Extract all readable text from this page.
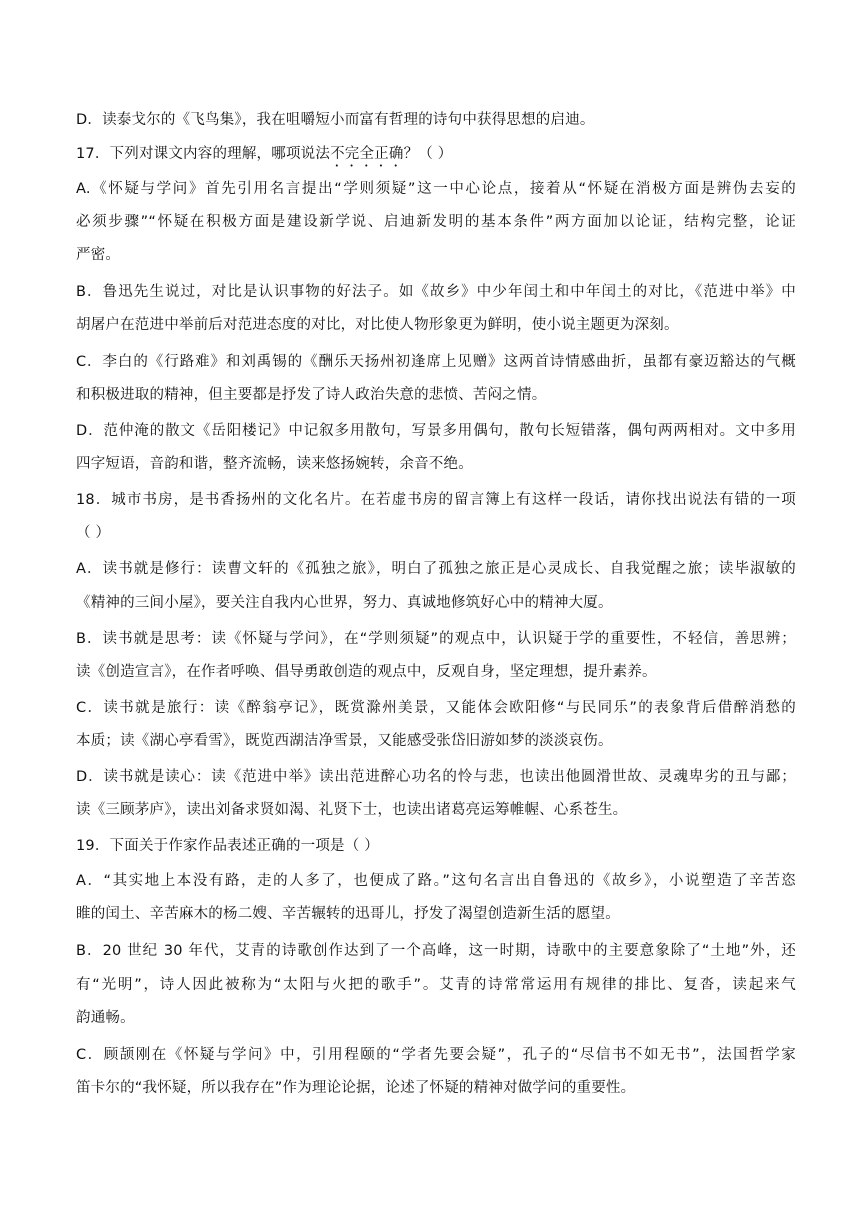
D．读泰戈尔的《飞鸟集》，我在咀嚼短小而富有哲理的诗句中获得思想的启迪。
17．下列对课文内容的理解，哪项说法不完全正确？（ ）
A.《怀疑与学问》首先引用名言提出“学则须疑”这一中心论点，接着从“怀疑在消极方面是辨伪去妄的
必须步骤”“怀疑在积极方面是建设新学说、启迪新发明的基本条件”两方面加以论证，结构完整，论证
严密。
B．鲁迅先生说过，对比是认识事物的好法子。如《故乡》中少年闰土和中年闰土的对比，《范进中举》中
胡屠户在范进中举前后对范进态度的对比，对比使人物形象更为鲜明，使小说主题更为深刻。
C．李白的《行路难》和刘禹锡的《酬乐天扬州初逢席上见赠》这两首诗情感曲折，虽都有豪迈豁达的气概
和积极进取的精神，但主要都是抒发了诗人政治失意的悲愤、苦闷之情。
D．范仲淹的散文《岳阳楼记》中记叙多用散句，写景多用偶句，散句长短错落，偶句两两相对。文中多用
四字短语，音韵和谐，整齐流畅，读来悠扬婉转，余音不绝。
18．城市书房，是书香扬州的文化名片。在若虚书房的留言簿上有这样一段话，请你找出说法有错的一项
（ ）
A．读书就是修行：读曹文轩的《孤独之旅》，明白了孤独之旅正是心灵成长、自我觉醒之旅；读毕淑敏的
《精神的三间小屋》，要关注自我内心世界，努力、真诚地修筑好心中的精神大厦。
B．读书就是思考：读《怀疑与学问》，在“学则须疑”的观点中，认识疑于学的重要性，不轻信，善思辨；
读《创造宣言》，在作者呼唤、倡导勇敢创造的观点中，反观自身，坚定理想，提升素养。
C．读书就是旅行：读《醉翁亭记》，既赏滁州美景，又能体会欧阳修“与民同乐”的表象背后借醉消愁的
本质；读《湖心亭看雪》，既览西湖洁净雪景，又能感受张岱旧游如梦的淡淡哀伤。
D．读书就是读心：读《范进中举》读出范进醉心功名的怜与悲，也读出他圆滑世故、灵魂卑劣的丑与鄙；
读《三顾茅庐》，读出刘备求贤如渴、礼贤下士，也读出诸葛亮运筹帷幄、心系苍生。
19．下面关于作家作品表述正确的一项是（ ）
A．“其实地上本没有路，走的人多了，也便成了路。”这句名言出自鲁迅的《故乡》，小说塑造了辛苦恣
睢的闰土、辛苦麻木的杨二嫂、辛苦辗转的迅哥儿，抒发了渴望创造新生活的愿望。
B．20 世纪 30 年代，艾青的诗歌创作达到了一个高峰，这一时期，诗歌中的主要意象除了“土地”外，还
有“光明”，诗人因此被称为“太阳与火把的歌手”。艾青的诗常常运用有规律的排比、复沓，读起来气
韵通畅。
C．顾颉刚在《怀疑与学问》中，引用程颐的“学者先要会疑”，孔子的“尽信书不如无书”，法国哲学家
笛卡尔的“我怀疑，所以我存在”作为理论论据，论述了怀疑的精神对做学问的重要性。
